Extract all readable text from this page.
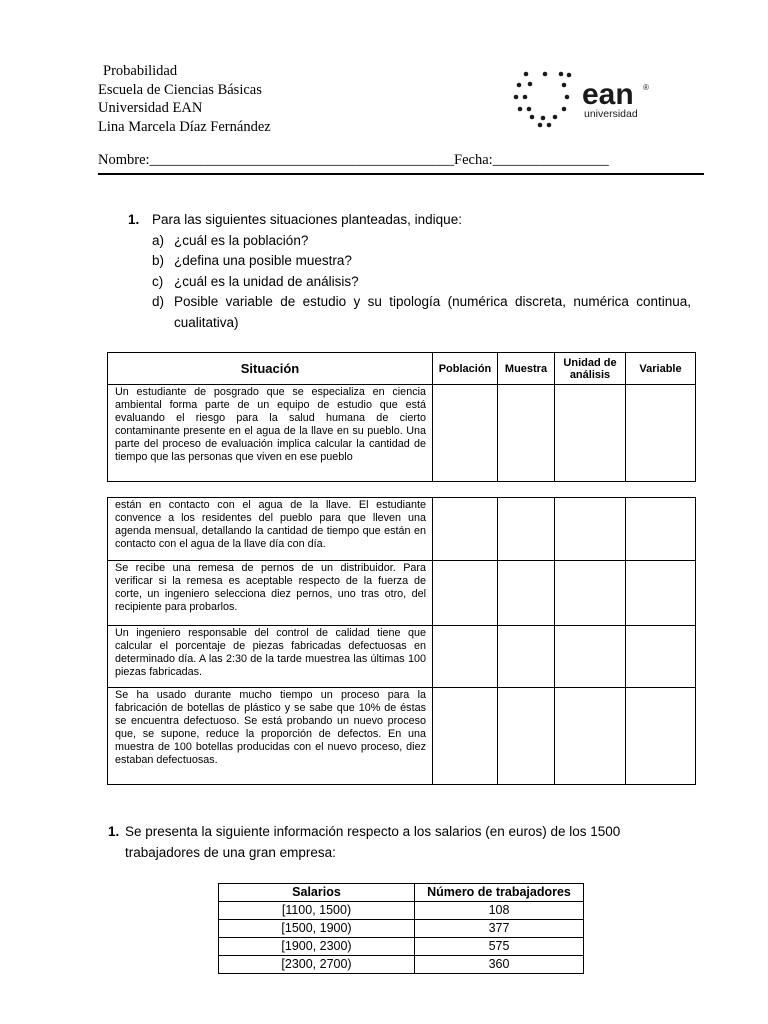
Probabilidad
Escuela de Ciencias Básicas
Universidad EAN
Lina Marcela Díaz Fernández
ean ®
universidad
Nombre:__________________________________________Fecha:________________
1. Para las siguientes situaciones planteadas, indique:
a) ¿cuál es la población?
b) ¿defina una posible muestra?
c) ¿cuál es la unidad de análisis?
d) Posible variable de estudio y su tipología (numérica discreta, numérica continua, cualitativa)
Situación	Población	Muestra	Unidad de análisis	Variable
Un estudiante de posgrado que se especializa en ciencia ambiental forma parte de un equipo de estudio que está evaluando el riesgo para la salud humana de cierto contaminante presente en el agua de la llave en su pueblo. Una parte del proceso de evaluación implica calcular la cantidad de tiempo que las personas que viven en ese pueblo				
están en contacto con el agua de la llave. El estudiante convence a los residentes del pueblo para que lleven una agenda mensual, detallando la cantidad de tiempo que están en contacto con el agua de la llave día con día.				
Se recibe una remesa de pernos de un distribuidor. Para verificar si la remesa es aceptable respecto de la fuerza de corte, un ingeniero selecciona diez pernos, uno tras otro, del recipiente para probarlos.				
Un ingeniero responsable del control de calidad tiene que calcular el porcentaje de piezas fabricadas defectuosas en determinado día. A las 2:30 de la tarde muestrea las últimas 100 piezas fabricadas.				
Se ha usado durante mucho tiempo un proceso para la fabricación de botellas de plástico y se sabe que 10% de éstas se encuentra defectuoso. Se está probando un nuevo proceso que, se supone, reduce la proporción de defectos. En una muestra de 100 botellas producidas con el nuevo proceso, diez estaban defectuosas.				
1. Se presenta la siguiente información respecto a los salarios (en euros) de los 1500 trabajadores de una gran empresa:
Salarios	Número de trabajadores
[1100, 1500)	108
[1500, 1900)	377
[1900, 2300)	575
[2300, 2700)	360
